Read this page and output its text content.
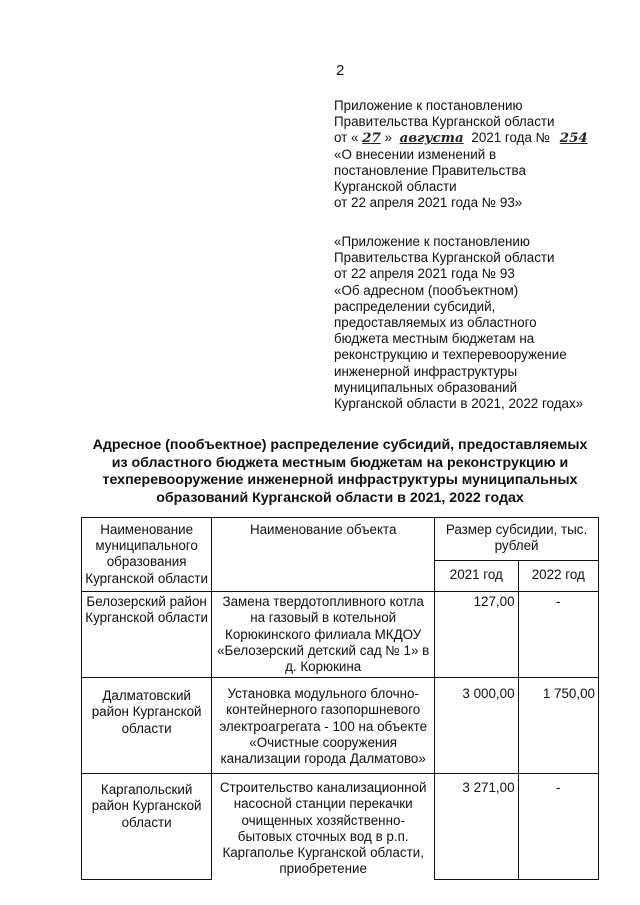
2
Приложение к постановлению
Правительства Курганской области
от « 27 » августа 2021 года № 254
«О внесении изменений в
постановление Правительства
Курганской области
от 22 апреля 2021 года № 93»
«Приложение к постановлению
Правительства Курганской области
от 22 апреля 2021 года № 93
«Об адресном (пообъектном)
распределении субсидий,
предоставляемых из областного
бюджета местным бюджетам на
реконструкцию и техперевооружение
инженерной инфраструктуры
муниципальных образований
Курганской области в 2021, 2022 годах»
Адресное (пообъектное) распределение субсидий, предоставляемых
из областного бюджета местным бюджетам на реконструкцию и
техперевооружение инженерной инфраструктуры муниципальных
образований Курганской области в 2021, 2022 годах
Наименование муниципального образования Курганской области	Наименование объекта	Размер субсидии, тыс. рублей	
		2021 год	2022 год
Белозерский район Курганской области	Замена твердотопливного котла на газовый в котельной Корюкинского филиала МКДОУ «Белозерский детский сад № 1» в д. Корюкина	127,00	-
Далматовский район Курганской области	Установка модульного блочно-контейнерного газопоршневого электроагрегата - 100 на объекте «Очистные сооружения канализации города Далматово»	3 000,00	1 750,00
Каргапольский район Курганской области	Строительство канализационной насосной станции перекачки очищенных хозяйственно-бытовых сточных вод в р.п. Каргаполье Курганской области, приобретение	3 271,00	-
